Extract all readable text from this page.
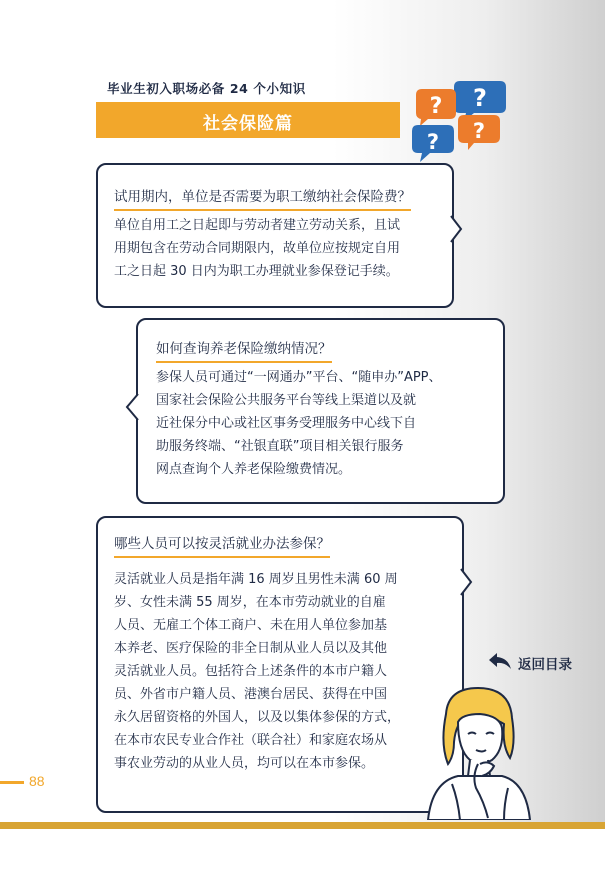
毕业生初入职场必备 24 个小知识
社会保险篇
?
?
?
?
试用期内，单位是否需要为职工缴纳社会保险费？

单位自用工之日起即与劳动者建立劳动关系，且试
用期包含在劳动合同期限内，故单位应按规定自用
工之日起 30 日内为职工办理就业参保登记手续。

如何查询养老保险缴纳情况？

参保人员可通过“一网通办”平台、“随申办”APP、
国家社会保险公共服务平台等线上渠道以及就
近社保分中心或社区事务受理服务中心线下自
助服务终端、“社银直联”项目相关银行服务
网点查询个人养老保险缴费情况。

哪些人员可以按灵活就业办法参保？

灵活就业人员是指年满 16 周岁且男性未满 60 周
岁、女性未满 55 周岁，在本市劳动就业的自雇
人员、无雇工个体工商户、未在用人单位参加基
本养老、医疗保险的非全日制从业人员以及其他
灵活就业人员。包括符合上述条件的本市户籍人
员、外省市户籍人员、港澳台居民、获得在中国
永久居留资格的外国人，以及以集体参保的方式，
在本市农民专业合作社（联合社）和家庭农场从
事农业劳动的从业人员，均可以在本市参保。

返回目录
88
